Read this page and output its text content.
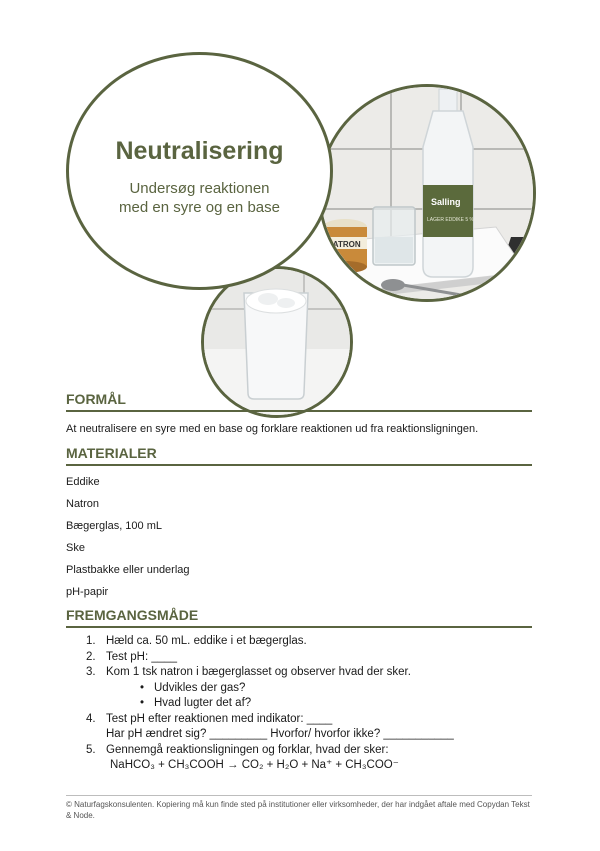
NATRON
Salling
LAGER EDDIKE 5 %
Neutralisering
Undersøg reaktionen
med en syre og en base
FORMÅL
At neutralisere en syre med en base og forklare reaktionen ud fra reaktionsligningen.
MATERIALER
Eddike
Natron
Bægerglas, 100 mL
Ske
Plastbakke eller underlag
pH-papir
FREMGANGSMÅDE
1. Hæld ca. 50 mL. eddike i et bægerglas.
2. Test pH: ____
3. Kom 1 tsk natron i bægerglasset og observer hvad der sker.
• Udvikles der gas?
• Hvad lugter det af?
4. Test pH efter reaktionen med indikator: ____
Har pH ændret sig? _________ Hvorfor/ hvorfor ikke? ___________
5. Gennemgå reaktionsligningen og forklar, hvad der sker:
NaHCO₃ + CH₃COOH → CO₂ + H₂O + Na⁺ + CH₃COO⁻
© Naturfagskonsulenten. Kopiering må kun finde sted på institutioner eller virksomheder, der har indgået aftale med Copydan Tekst & Node.
